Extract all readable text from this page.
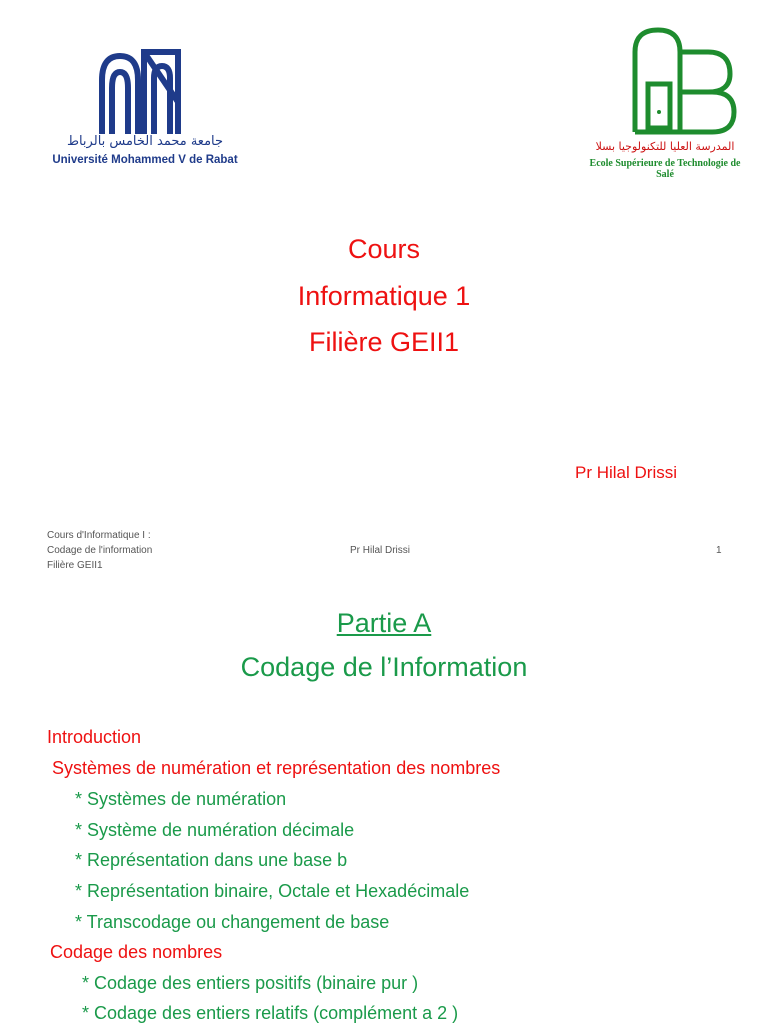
جامعة محمد الخامس بالرباط
Université Mohammed V de Rabat
المدرسة العليا للتكنولوجيا بسلا
Ecole Supérieure de Technologie de Salé
Cours
Informatique 1
Filière GEII1
Pr Hilal Drissi
Cours d'Informatique I :
Codage de l'information
Filière GEII1
Pr Hilal Drissi	1
Partie A
Codage de l’Information
Introduction
Systèmes de numération et représentation des nombres
* Systèmes de numération
* Système de numération décimale
* Représentation dans une base b
* Représentation binaire, Octale et Hexadécimale
* Transcodage ou changement de base
Codage des nombres
* Codage des entiers positifs (binaire pur )
* Codage des entiers relatifs (complément a 2 )
